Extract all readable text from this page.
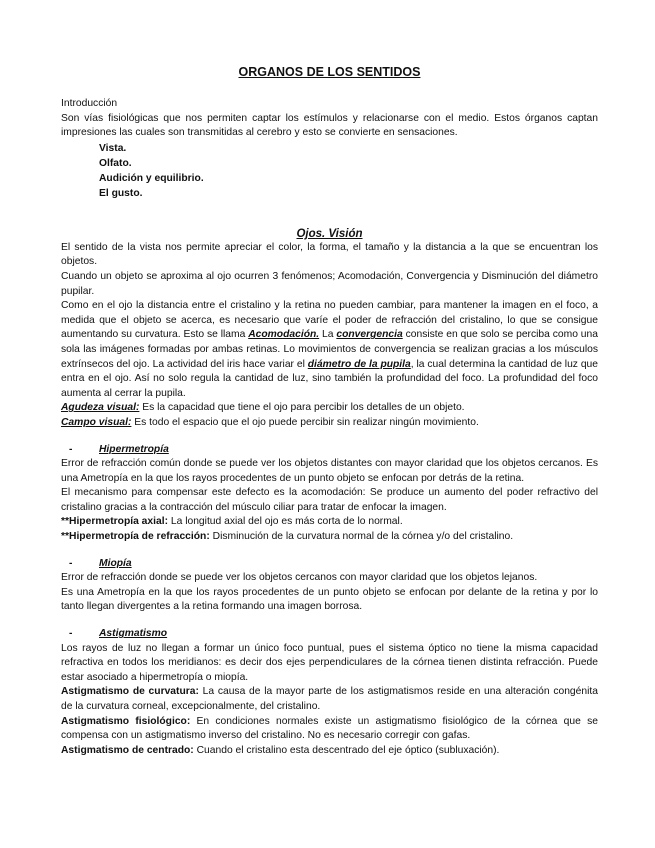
ORGANOS DE LOS SENTIDOS

Introducción

Son vías fisiológicas que nos permiten captar los estímulos y relacionarse con el medio. Estos órganos captan impresiones las cuales son transmitidas al cerebro y esto se convierte en sensaciones.

Vista.
Olfato.
Audición y equilibrio.
El gusto.
Ojos. Visión

El sentido de la vista nos permite apreciar el color, la forma, el tamaño y la distancia a la que se encuentran los objetos.

Cuando un objeto se aproxima al ojo ocurren 3 fenómenos; Acomodación, Convergencia y Disminución del diámetro pupilar.

Como en el ojo la distancia entre el cristalino y la retina no pueden cambiar, para mantener la imagen en el foco, a medida que el objeto se acerca, es necesario que varíe el poder de refracción del cristalino, lo que se consigue aumentando su curvatura. Esto se llama Acomodación. La convergencia consiste en que solo se perciba como una sola las imágenes formadas por ambas retinas. Lo movimientos de convergencia se realizan gracias a los músculos extrínsecos del ojo. La actividad del iris hace variar el diámetro de la pupila, la cual determina la cantidad de luz que entra en el ojo. Así no solo regula la cantidad de luz, sino también la profundidad del foco. La profundidad del foco aumenta al cerrar la pupila.

Agudeza visual: Es la capacidad que tiene el ojo para percibir los detalles de un objeto.

Campo visual: Es todo el espacio que el ojo puede percibir sin realizar ningún movimiento.

-	Hipermetropía

Error de refracción común donde se puede ver los objetos distantes con mayor claridad que los objetos cercanos. Es una Ametropía en la que los rayos procedentes de un punto objeto se enfocan por detrás de la retina.

El mecanismo para compensar este defecto es la acomodación: Se produce un aumento del poder refractivo del cristalino gracias a la contracción del músculo ciliar para tratar de enfocar la imagen.

**Hipermetropía axial: La longitud axial del ojo es más corta de lo normal.

**Hipermetropía de refracción: Disminución de la curvatura normal de la córnea y/o del cristalino.

-	Miopía

Error de refracción donde se puede ver los objetos cercanos con mayor claridad que los objetos lejanos.

Es una Ametropía en la que los rayos procedentes de un punto objeto se enfocan por delante de la retina y por lo tanto llegan divergentes a la retina formando una imagen borrosa.

-	Astigmatismo

Los rayos de luz no llegan a formar un único foco puntual, pues el sistema óptico no tiene la misma capacidad refractiva en todos los meridianos: es decir dos ejes perpendiculares de la córnea tienen distinta refracción. Puede estar asociado a hipermetropía o miopía.

Astigmatismo de curvatura: La causa de la mayor parte de los astigmatismos reside en una alteración congénita de la curvatura corneal, excepcionalmente, del cristalino.

Astigmatismo fisiológico: En condiciones normales existe un astigmatismo fisiológico de la córnea que se compensa con un astigmatismo inverso del cristalino. No es necesario corregir con gafas.

Astigmatismo de centrado: Cuando el cristalino esta descentrado del eje óptico (subluxación).
